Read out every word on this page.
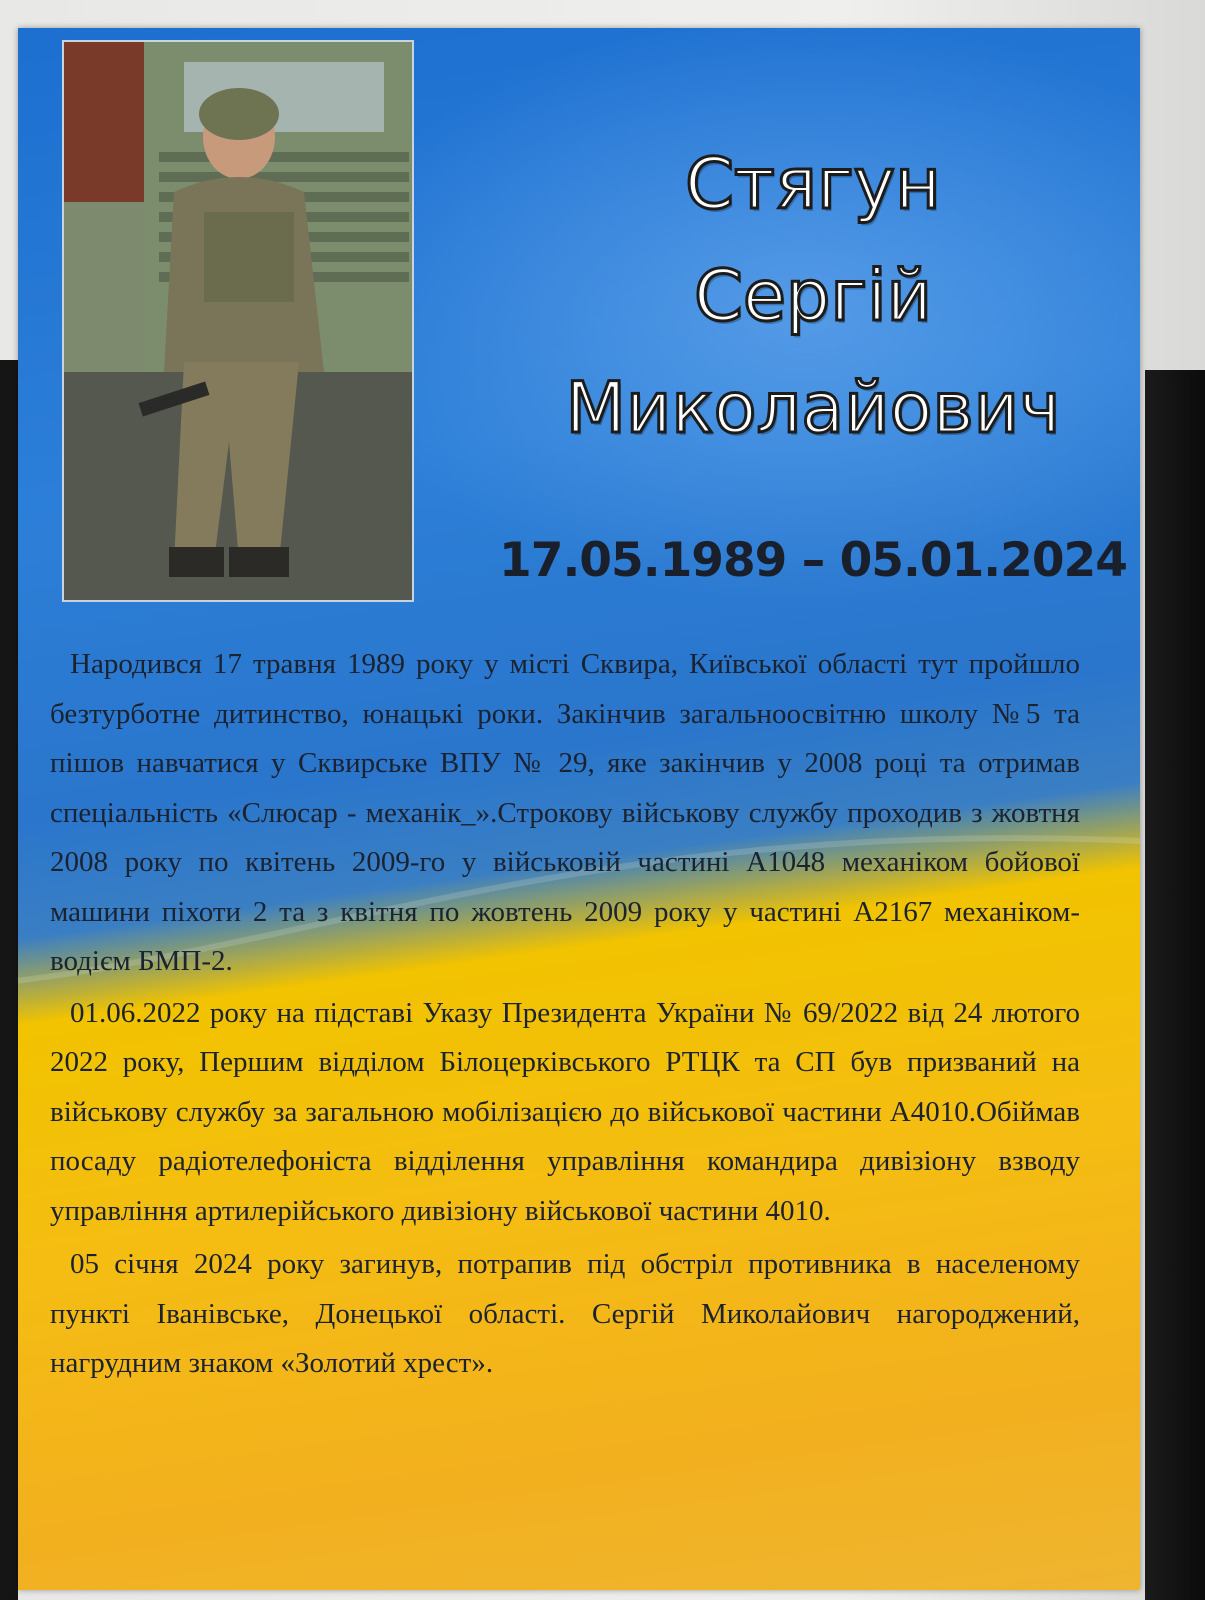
Стягун
Сергій
Миколайович
17.05.1989 – 05.01.2024

Народився 17 травня 1989 року у місті Сквира, Київської області тут пройшло безтурботне дитинство, юнацькі роки. Закінчив загальноосвітню школу №5 та пішов навчатися у Сквирське ВПУ № 29, яке закінчив у 2008 році та отримав спеціальність «Слюсар - механік_».Строкову військову службу проходив з жовтня 2008 року по квітень 2009-го у військовій частині А1048 механіком бойової машини піхоти 2 та з квітня по жовтень 2009 року у частині А2167 механіком-водієм БМП-2.

01.06.2022 року на підставі Указу Президента України № 69/2022 від 24 лютого 2022 року, Першим відділом Білоцерківського РТЦК та СП був призваний на військову службу за загальною мобілізацією до військової частини А4010.Обіймав посаду радіотелефоніста відділення управління командира дивізіону взводу управління артилерійського дивізіону військової частини 4010.

05 січня 2024 року загинув, потрапив під обстріл противника в населеному пункті Іванівське, Донецької області. Сергій Миколайович нагороджений, нагрудним знаком «Золотий хрест».
